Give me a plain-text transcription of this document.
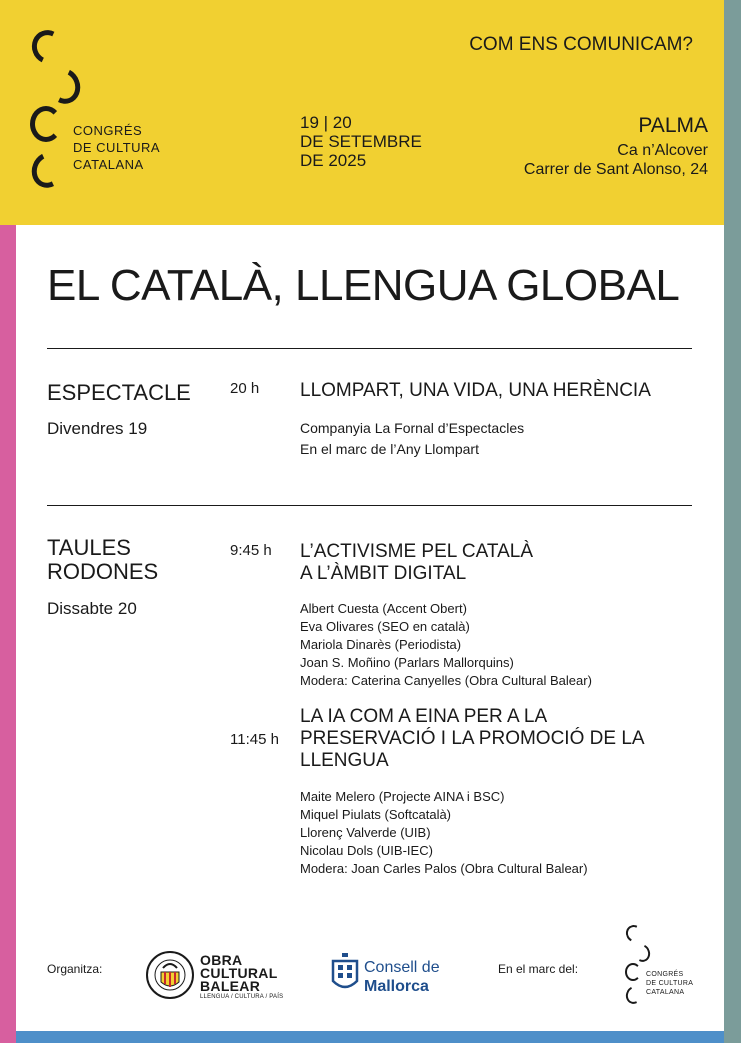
CONGRÉS
DE CULTURA
CATALANA
COM ENS COMUNICAM?
19 | 20
DE SETEMBRE
DE 2025
PALMA
Ca n’Alcover
Carrer de Sant Alonso, 24
EL CATALÀ, LLENGUA GLOBAL
ESPECTACLE
Divendres 19
20 h LLOMPART, UNA VIDA, UNA HERÈNCIA
Companyia La Fornal d’Espectacles
En el marc de l’Any Llompart
TAULES
RODONES
Dissabte 20
9:45 h L’ACTIVISME PEL CATALÀ
A L’ÀMBIT DIGITAL
Albert Cuesta (Accent Obert)
Eva Olivares (SEO en català)
Mariola Dinarès (Periodista)
Joan S. Moñino (Parlars Mallorquins)
Modera: Caterina Canyelles (Obra Cultural Balear)
11:45 h
LA IA COM A EINA PER A LA
PRESERVACIÓ I LA PROMOCIÓ DE LA
LLENGUA
Maite Melero (Projecte AINA i BSC)
Miquel Piulats (Softcatalà)
Llorenç Valverde (UIB)
Nicolau Dols (UIB-IEC)
Modera: Joan Carles Palos (Obra Cultural Balear)
Organitza:
OBRA
CULTURAL
BALEAR
LLENGUA / CULTURA / PAÍS
Consell de
Mallorca
En el marc del:	CONGRÉS
DE CULTURA
CATALANA
